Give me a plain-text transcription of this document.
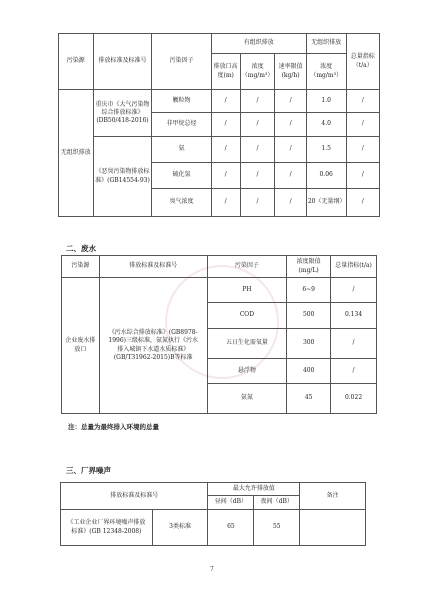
污染源	排放标准及标准号	污染因子	有组织排放			无组织排放	总量指标（t/a）
			排放口高度(m)	浓度（mg/m³）	速率限值(kg/h)	浓度（mg/m³）	
无组织排放	重庆市《大气污染物综合排放标准》(DB50/418-2016)	颗粒物	/	/	/	1.0	/
		非甲烷总烃	/	/	/	4.0	/
	《恶臭污染物排放标准》(GB14554-93)	氨	/	/	/	1.5	/
		硫化氢	/	/	/	0.06	/
		臭气浓度	/	/	/	20（无量纲）	/
二、废水
污染源	排放标准及标准号	污染因子	浓度限值(mg/L)	总量指标(t/a)
企业废水排放口	《污水综合排放标准》(GB8978-1996)三级标准，氨氮执行《污水排入城镇下水道水质标准》(GB/T31962-2015)B等标准	PH	6~9	/
		COD	500	0.134
		五日生化需氧量	300	/
		悬浮物	400	/
		氨氮	45	0.022
注：总量为最终排入环境的总量
三、厂界噪声
排放标准及标准号		最大允许排放值		备注
		昼间（dB）	夜间（dB）	
《工业企业厂界环境噪声排放标准》(GB 12348-2008)	3类标准	65	55	
7
